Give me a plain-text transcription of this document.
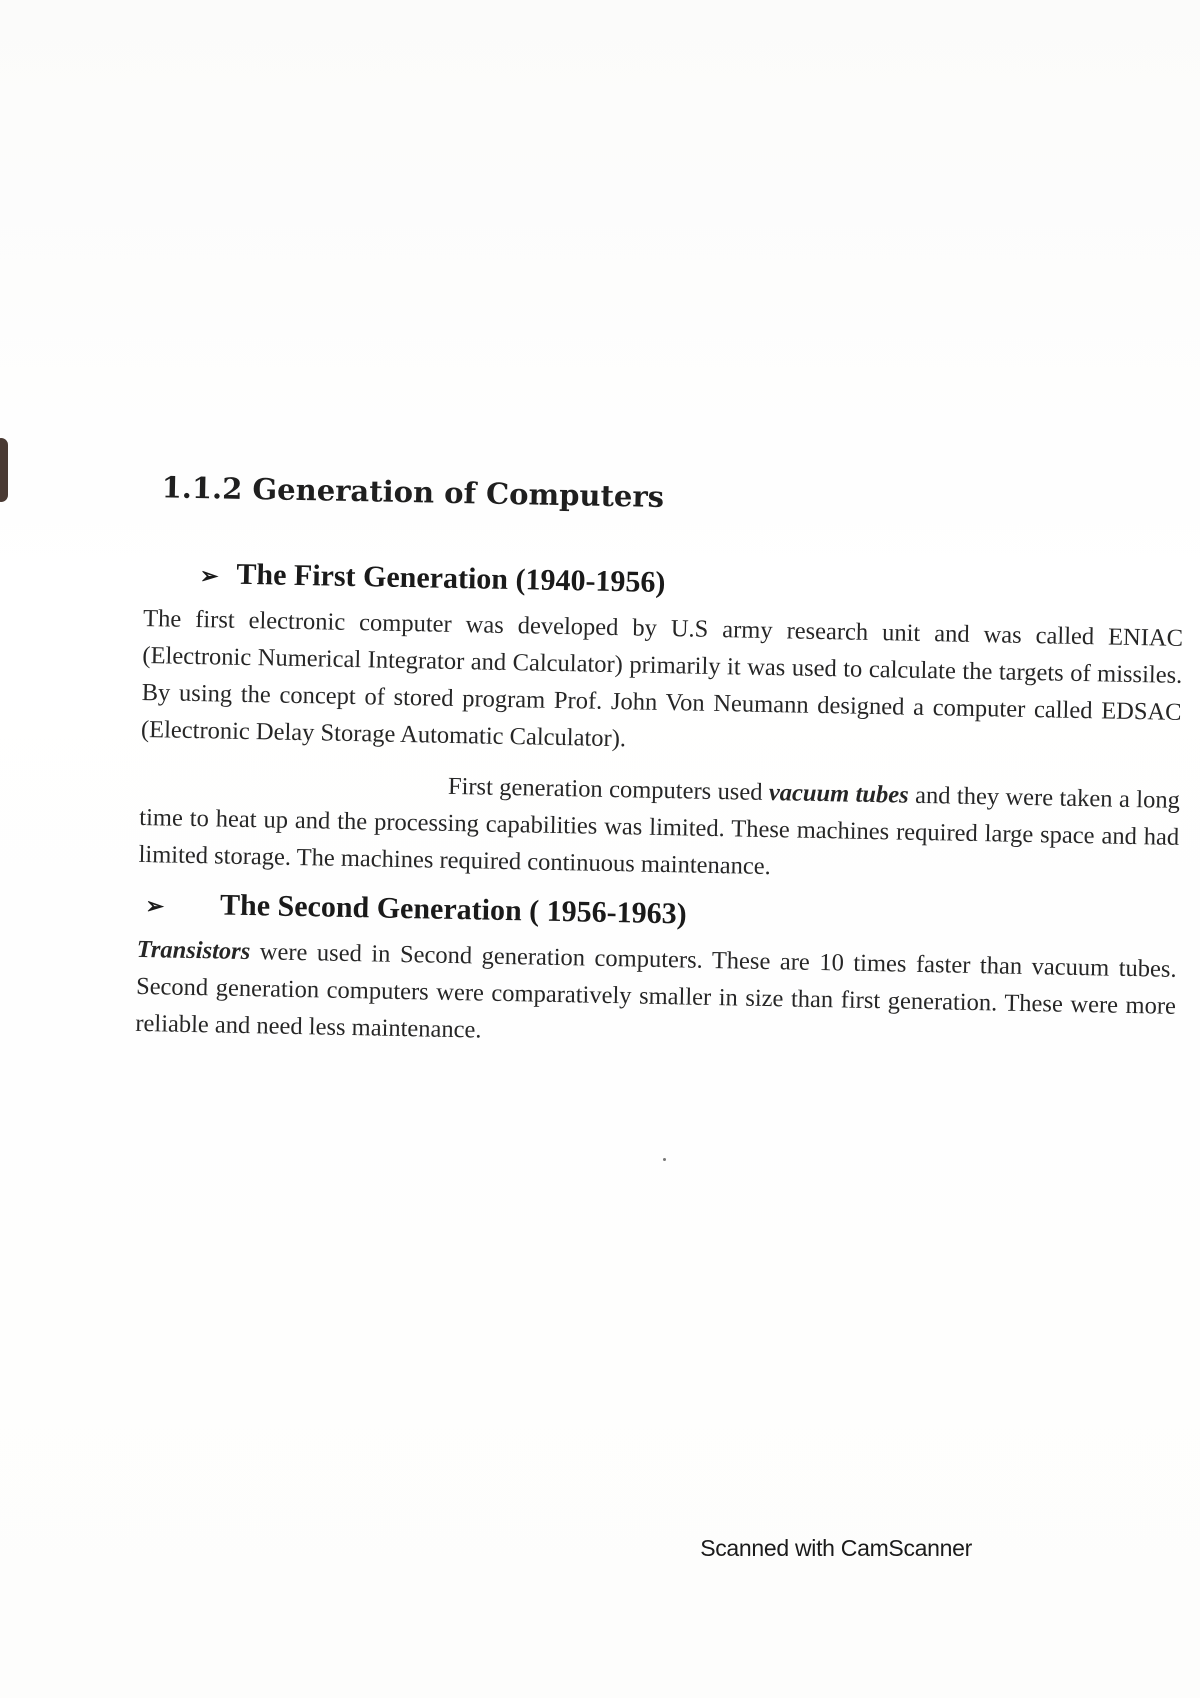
1.1.2 Generation of Computers
➢ The First Generation (1940-1956)

The first electronic computer was developed by U.S army research unit and was called ENIAC (Electronic Numerical Integrator and Calculator) primarily it was used to calculate the targets of missiles. By using the concept of stored program Prof. John Von Neumann designed a computer called EDSAC (Electronic Delay Storage Automatic Calculator).

First generation computers used vacuum tubes and they were taken a long time to heat up and the processing capabilities was limited. These machines required large space and had limited storage. The machines required continuous maintenance.

➢ The Second Generation ( 1956-1963)

Transistors were used in Second generation computers. These are 10 times faster than vacuum tubes. Second generation computers were comparatively smaller in size than first generation. These were more reliable and need less maintenance.

Scanned with CamScanner
